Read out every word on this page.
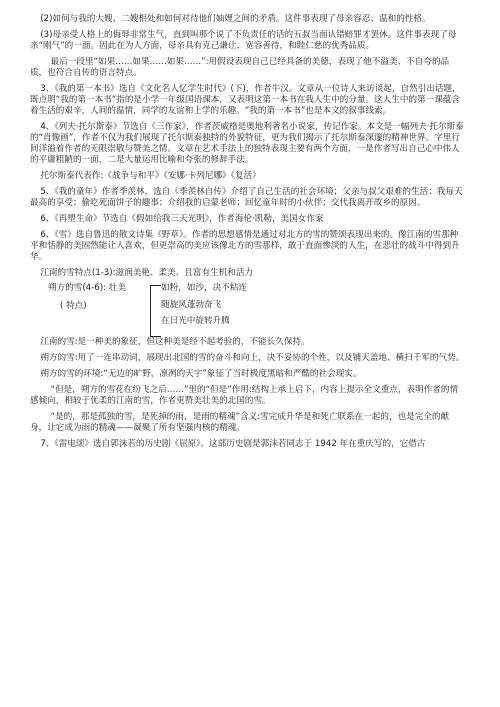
(2)如何与我的大嫂、二嫂相处和如何对待他们妯娌之间的矛盾。这件事表现了母亲容忍、温和的性格。

(3)母亲受人格上的侮辱非常生气，直到叫那个说了不负责任的话的五叔当面认错赔罪才罢休。这件事表现了母亲“刚气”的一面。因此在为人方面，母亲具有克己谦让、宽容善待，和睦仁慈的优秀品质。

最后一段里“如果……如果……如果……”:用假设表现自己已经具备的美德，表现了他不溢美、不自夸的品质，也符合自传的语言特点。

3、《我的第一本书》选自《文化名人忆学生时代》(下)，作者牛汉。文章从一位诗人来访谈起，自然引出话题，既点明“我的第一本书”指的是小学一年级国语课本，又表明这第一本书在我人生中的分量。这人生中的第一课蕴含着生活的艰辛，人间的温情，同学的友谊和上学的乐趣。“我的第一本书”也是本文的叙事线索。

4、《列夫·托尔斯泰》节选自《三作家》，作者茨威格是奥地利著名小说家，传记作家。本文是一幅列夫·托尔斯泰的“肖像画”，作者不仅为我们展现了托尔斯泰独特的外貌特征，更为我们揭示了托尔斯泰深邃的精神世界。字里行间洋溢着作者的无限崇敬与赞美之情。文章在艺术手法上的独特表现主要有两个方面，一是作者写出自己心中伟人的平庸粗陋的一面，二是大量运用比喻和夸张的修辞手法。

托尔斯泰代表作:《战争与和平》《安娜·卡列尼娜》《复活》

5、《我的童年》作者季羡林，选自《季羡林自传》介绍了自己生活的社会环境；父亲与叔父艰难的生活；我每天最高的享受；偷吃死面饼子的趣事；介绍我的启蒙老师；回忆童年时的小伙伴；交代我离开故乡的原因。

6、《再塑生命》节选自《假如给我三天光明》，作者海伦·凯勒，美国女作家

6、《雪》选自鲁迅的散文诗集《野草》。作者的思想感情是通过对北方的雪的赞颂表现出来的。像江南的雪那种平和恬静的美固然能让人喜欢，但更崇高的美应该像北方的雪那样，敢于直面惨淡的人生，在悲壮的战斗中得到升华。

江南的雪特点(1-3):滋润美艳、柔美、且富有生机和活力

朔方的雪(4-6): 壮美
( 特点)
如粉，如沙，决不粘连
随旋风蓬勃奋飞
在日光中旋转升腾

江南的雪:是一种美的象征，但这种美是经不起考验的，不能长久保持。

朔方的雪:用了一连串动词，展现出北国的雪的奋斗和向上，决不妥协的个性，以及铺天盖地、横扫千军的气势。

朔方的雪的环境:“无边的旷野，凛冽的天宇”象征了当时极度黑暗和严酷的社会现实。

“但是，朔方的雪花在纷飞之后……”里的“但是”作用:结构上承上启下，内容上提示全文重点，表明作者的情感倾向，相较于优柔的江南的雪，作者更赞美壮美的北国的雪。

“是的，那是孤独的雪，是死掉的雨，是雨的精魂”含义:雪完成升华是和死亡联系在一起的，也是完全的献身，让它成为雨的精魂——凝聚了所有坚强内核的精魂。

7、《雷电颂》选自郭沫若的历史剧《屈原》。这部历史剧是郭沫若同志于 1942 年在重庆写的，它借古
